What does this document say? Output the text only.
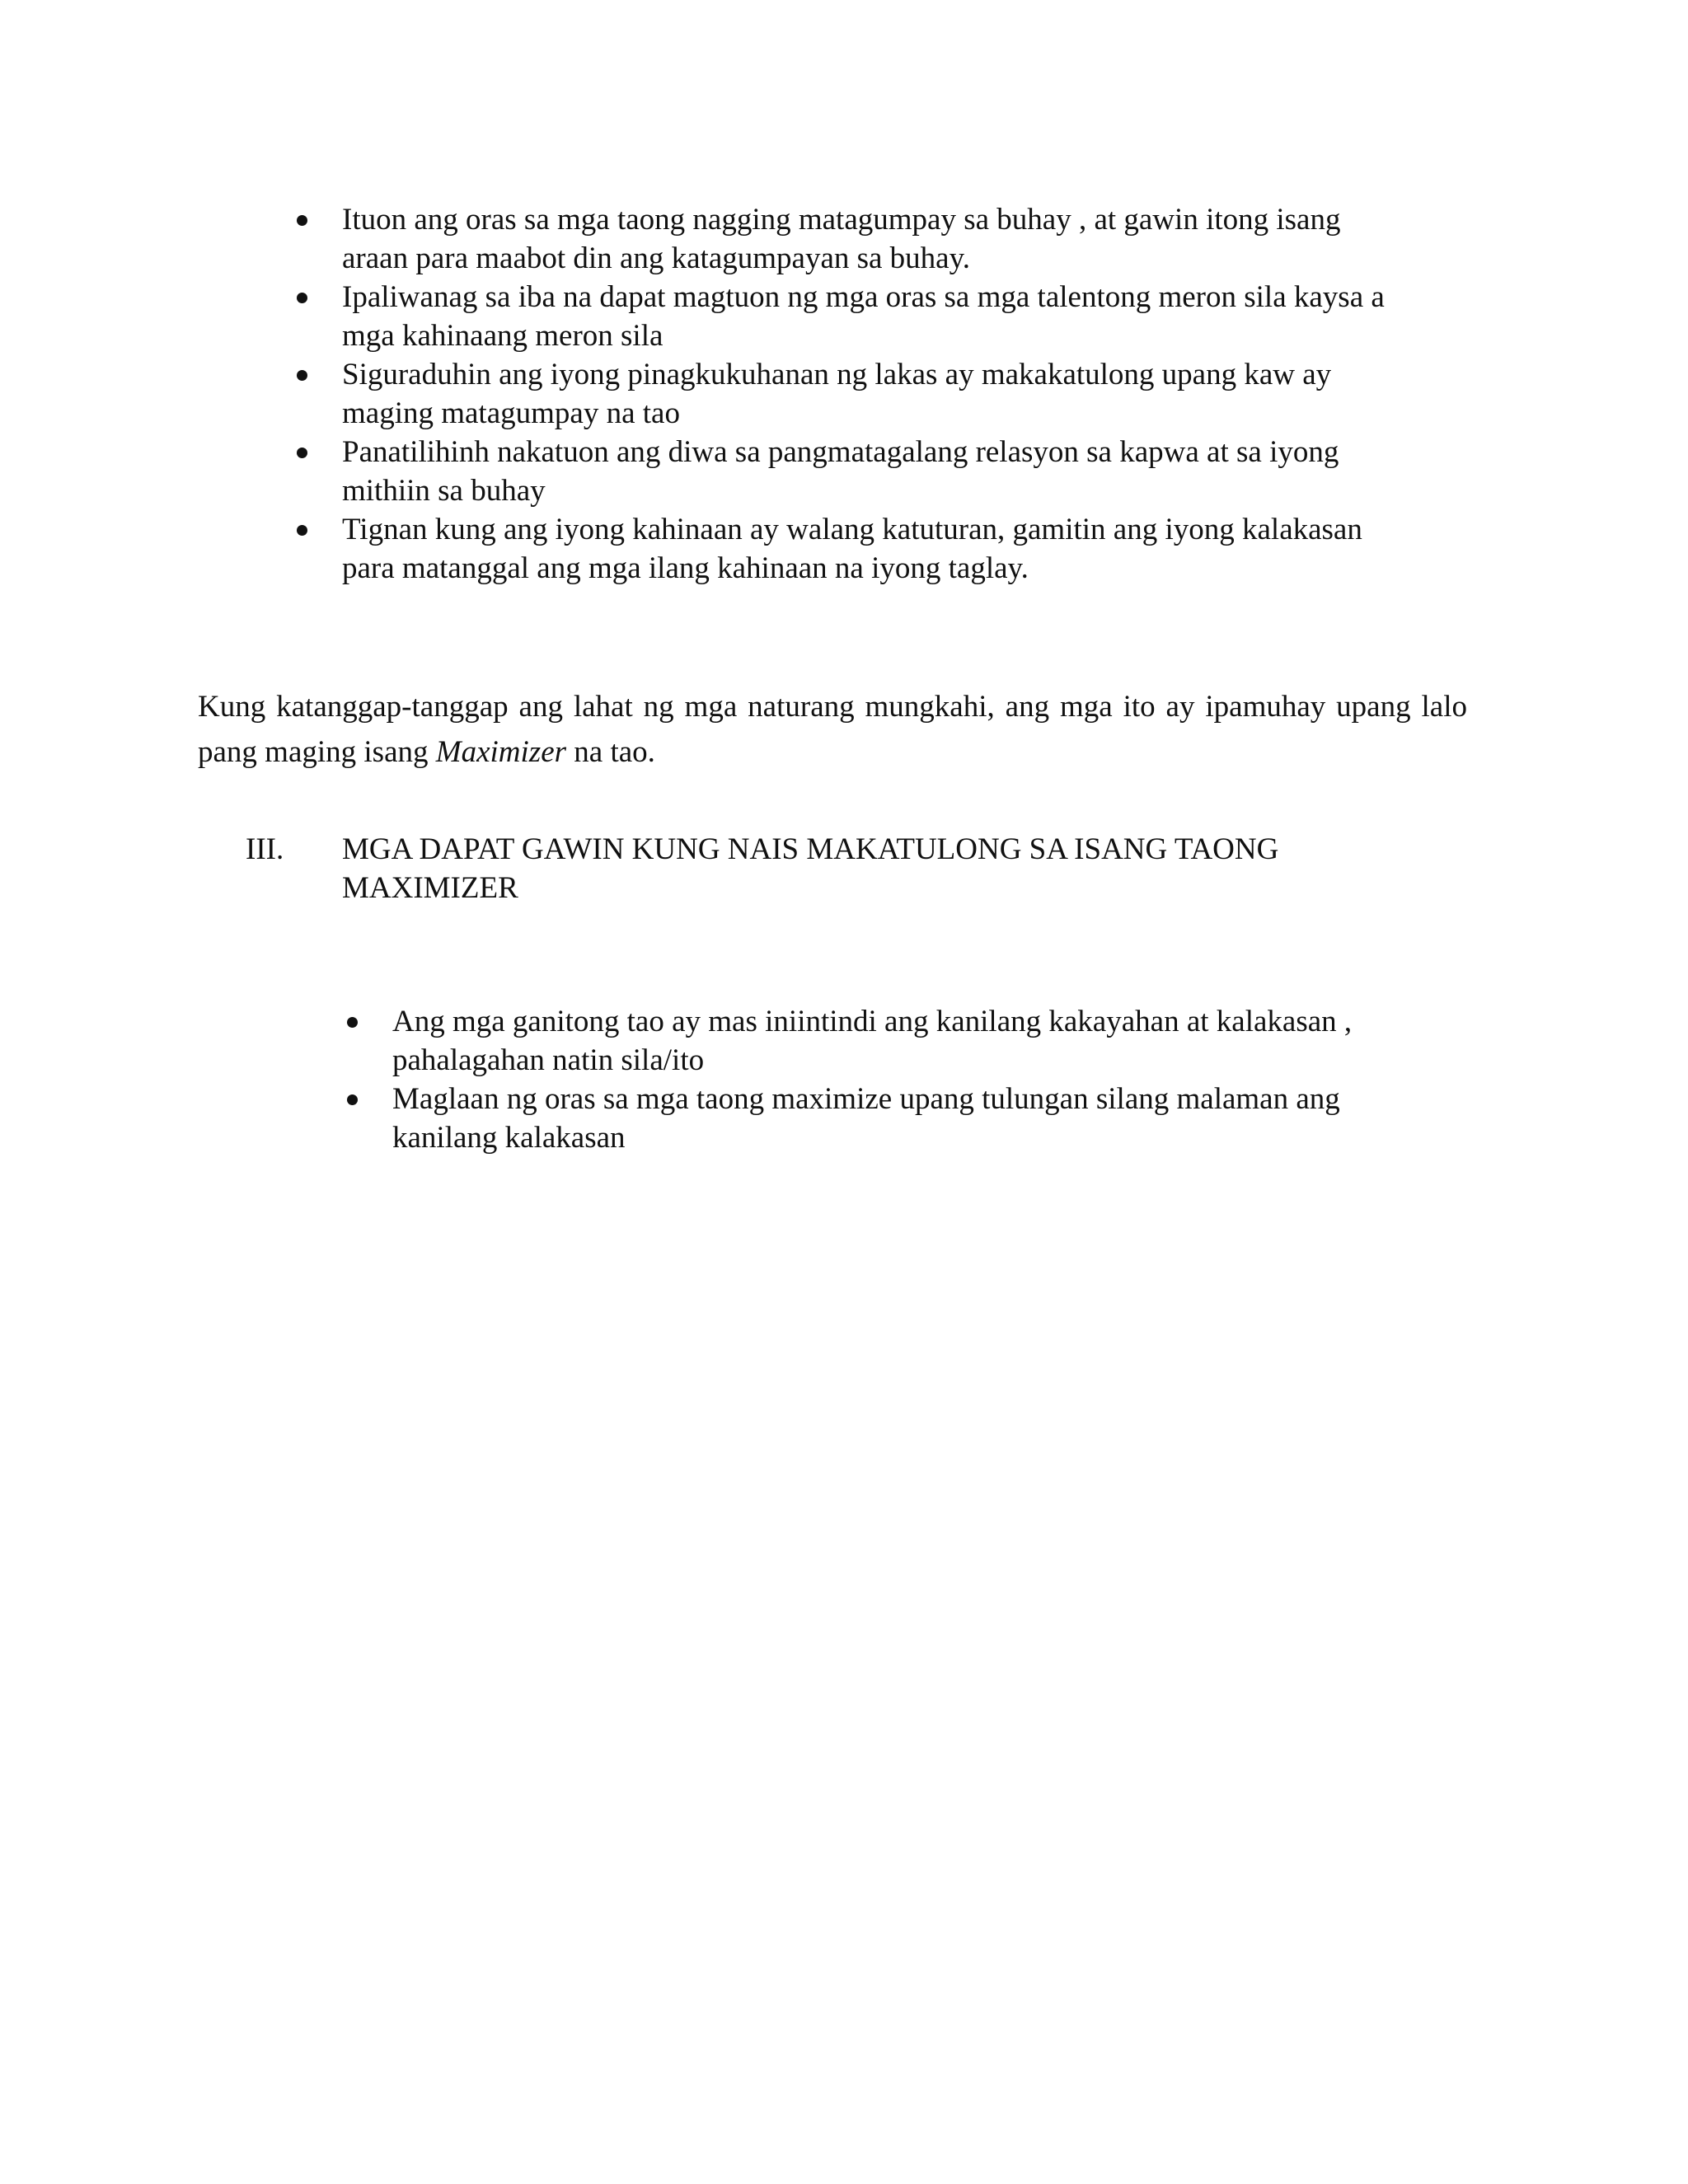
Ituon ang oras sa mga taong nagging matagumpay sa buhay , at gawin itong isang
araan para maabot din ang katagumpayan sa buhay.
Ipaliwanag sa iba na dapat magtuon ng mga oras sa mga talentong meron sila kaysa a
mga kahinaang meron sila
Siguraduhin ang iyong pinagkukuhanan ng lakas ay makakatulong upang kaw ay
maging matagumpay na tao
Panatilihinh nakatuon ang diwa sa pangmatagalang relasyon sa kapwa at sa iyong
mithiin sa buhay
Tignan kung ang iyong kahinaan ay walang katuturan, gamitin ang iyong kalakasan
para matanggal ang mga ilang kahinaan na iyong taglay.

Kung katanggap-tanggap ang lahat ng mga naturang mungkahi, ang mga ito ay ipamuhay upang lalo pang maging isang Maximizer na tao.

III. MGA DAPAT GAWIN KUNG NAIS MAKATULONG SA ISANG TAONG
MAXIMIZER
Ang mga ganitong tao ay mas iniintindi ang kanilang kakayahan at kalakasan ,
pahalagahan natin sila/ito
Maglaan ng oras sa mga taong maximize upang tulungan silang malaman ang
kanilang kalakasan
